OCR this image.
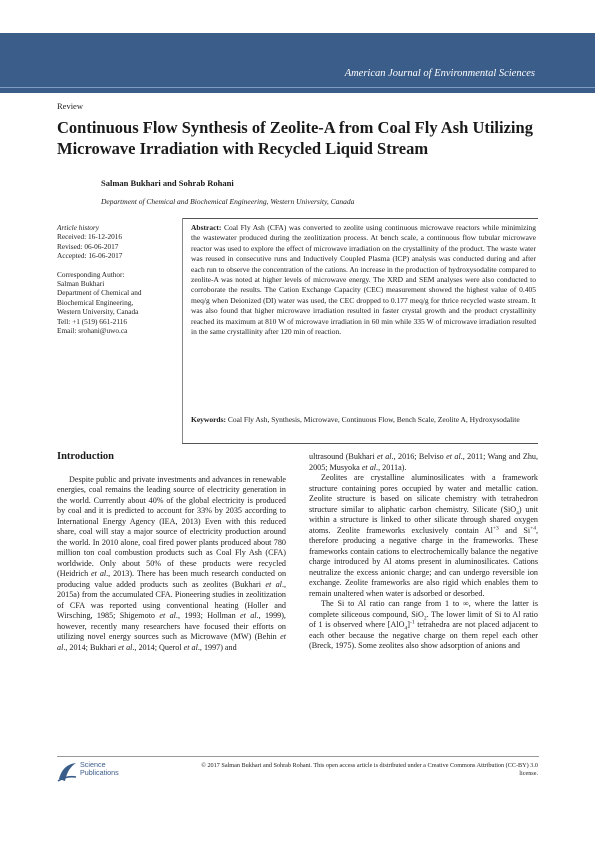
American Journal of Environmental Sciences
Review
Continuous Flow Synthesis of Zeolite-A from Coal Fly Ash Utilizing Microwave Irradiation with Recycled Liquid Stream
Salman Bukhari and Sohrab Rohani
Department of Chemical and Biochemical Engineering, Western University, Canada
Article history
Received: 16-12-2016
Revised: 06-06-2017
Accepted: 16-06-2017
Corresponding Author:
Salman Bukhari
Department of Chemical and
Biochemical Engineering,
Western University, Canada
Tell: +1 (519) 661-2116
Email: srohani@uwo.ca

Abstract: Coal Fly Ash (CFA) was converted to zeolite using continuous microwave reactors while minimizing the wastewater produced during the zeolitization process. At bench scale, a continuous flow tubular microwave reactor was used to explore the effect of microwave irradiation on the crystallinity of the product. The waste water was reused in consecutive runs and Inductively Coupled Plasma (ICP) analysis was conducted during and after each run to observe the concentration of the cations. An increase in the production of hydroxysodalite compared to zeolite-A was noted at higher levels of microwave energy. The XRD and SEM analyses were also conducted to corroborate the results. The Cation Exchange Capacity (CEC) measurement showed the highest value of 0.405 meq/g when Deionized (DI) water was used, the CEC dropped to 0.177 meq/g for thrice recycled waste stream. It was also found that higher microwave irradiation resulted in faster crystal growth and the product crystallinity reached its maximum at 810 W of microwave irradiation in 60 min while 335 W of microwave irradiation resulted in the same crystallinity after 120 min of reaction.

Keywords: Coal Fly Ash, Synthesis, Microwave, Continuous Flow, Bench Scale, Zeolite A, Hydroxysodalite

Introduction

Despite public and private investments and advances in renewable energies, coal remains the leading source of electricity generation in the world. Currently about 40% of the global electricity is produced by coal and it is predicted to account for 33% by 2035 according to International Energy Agency (IEA, 2013) Even with this reduced share, coal will stay a major source of electricity production around the world. In 2010 alone, coal fired power plants produced about 780 million ton coal combustion products such as Coal Fly Ash (CFA) worldwide. Only about 50% of these products were recycled (Heidrich et al., 2013). There has been much research conducted on producing value added products such as zeolites (Bukhari et al., 2015a) from the accumulated CFA. Pioneering studies in zeolitization of CFA was reported using conventional heating (Holler and Wirsching, 1985; Shigemoto et al., 1993; Hollman et al., 1999), however, recently many researchers have focused their efforts on utilizing novel energy sources such as Microwave (MW) (Behin et al., 2014; Bukhari et al., 2014; Querol et al., 1997) and

ultrasound (Bukhari et al., 2016; Belviso et al., 2011; Wang and Zhu, 2005; Musyoka et al., 2011a).

Zeolites are crystalline aluminosilicates with a framework structure containing pores occupied by water and metallic cation. Zeolite structure is based on silicate chemistry with tetrahedron structure similar to aliphatic carbon chemistry. Silicate (SiO$_4$) unit within a structure is linked to other silicate through shared oxygen atoms. Zeolite frameworks exclusively contain $Al^{+3}$ and $Si^{+4}$, therefore producing a negative charge in the frameworks. These frameworks contain cations to electrochemically balance the negative charge introduced by Al atoms present in aluminosilicates. Cations neutralize the excess anionic charge; and can undergo reversible ion exchange. Zeolite frameworks are also rigid which enables them to remain unaltered when water is adsorbed or desorbed.

The Si to Al ratio can range from 1 to ∞, where the latter is complete siliceous compound, SiO$_2$. The lower limit of Si to Al ratio of 1 is observed where $[AlO_4]^{-1}$ tetrahedra are not placed adjacent to each other because the negative charge on them repel each other (Breck, 1975). Some zeolites also show adsorption of anions and

Science
Publications
© 2017 Salman Bukhari and Sohrab Rohani. This open access article is distributed under a Creative Commons Attribution (CC-BY) 3.0 license.
